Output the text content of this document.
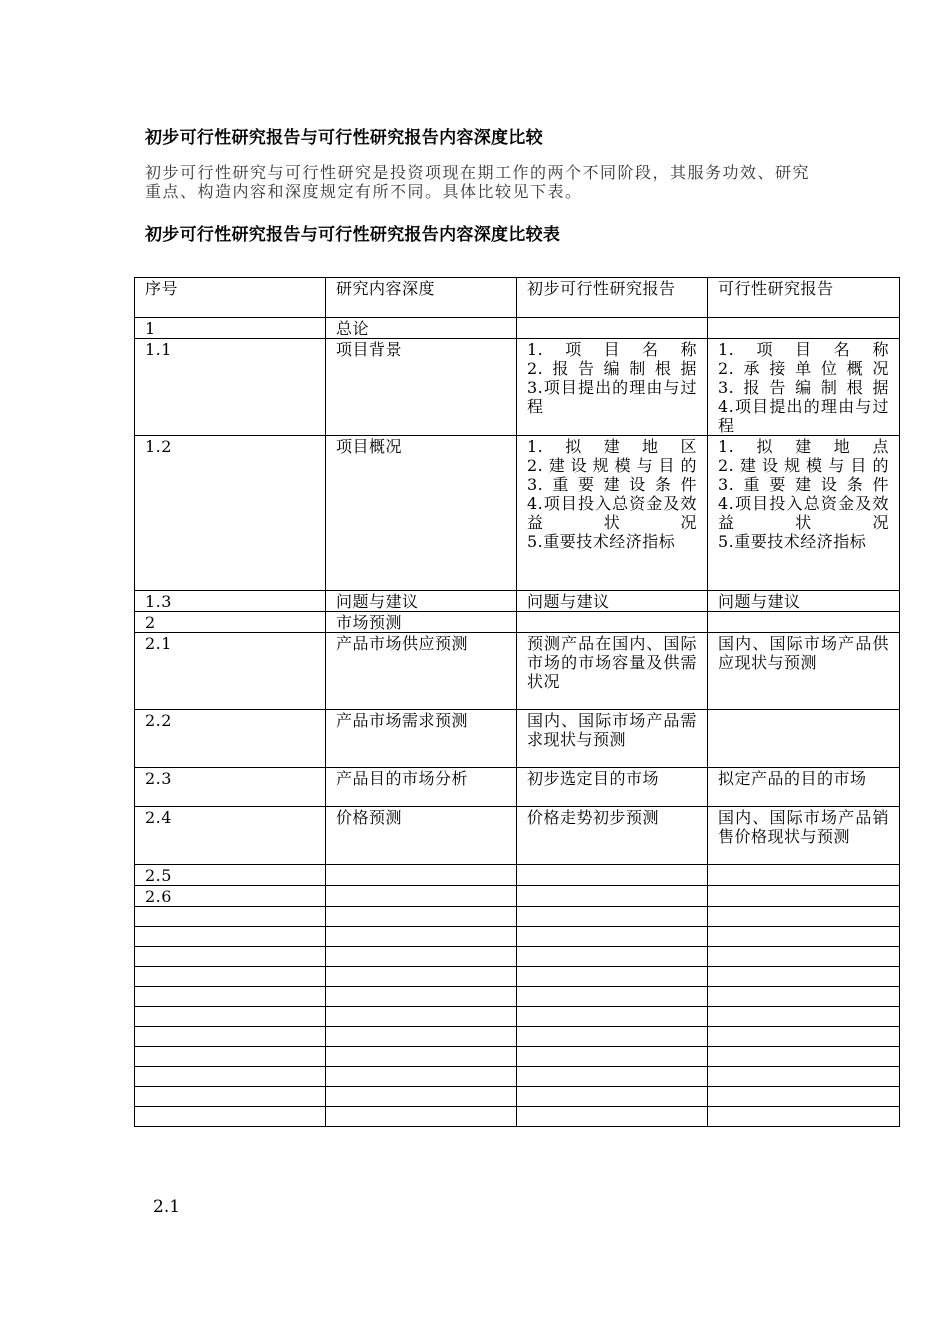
初步可行性研究报告与可行性研究报告内容深度比较
初步可行性研究与可行性研究是投资项现在期工作的两个不同阶段，其服务功效、研究重点、构造内容和深度规定有所不同。具体比较见下表。
初步可行性研究报告与可行性研究报告内容深度比较表
序号	研究内容深度	初步可行性研究报告	可行性研究报告
1	总论		
1.1	项目背景	1.项目名称
2.报告编制根据
3.项目提出的理由与过程	1.项目名称
2.承接单位概况
3.报告编制根据
4.项目提出的理由与过程

1.2	项目概况	1.拟建地区
2.建设规模与目的
3.重要建设条件
4.项目投入总资金及效益状况
5.重要技术经济指标	1.拟建地点
2.建设规模与目的
3.重要建设条件
4.项目投入总资金及效益状况
5.重要技术经济指标

1.3	问题与建议	问题与建议	问题与建议

2	市场预测		
2.1	产品市场供应预测	预测产品在国内、国际市场的市场容量及供需状况	国内、国际市场产品供应现状与预测

2.2	产品市场需求预测	国内、国际市场产品需求现状与预测	

2.3	产品目的市场分析	初步选定目的市场	拟定产品的目的市场

2.4	价格预测	价格走势初步预测	国内、国际市场产品销售价格现状与预测

2.5			
2.6			

2.1
